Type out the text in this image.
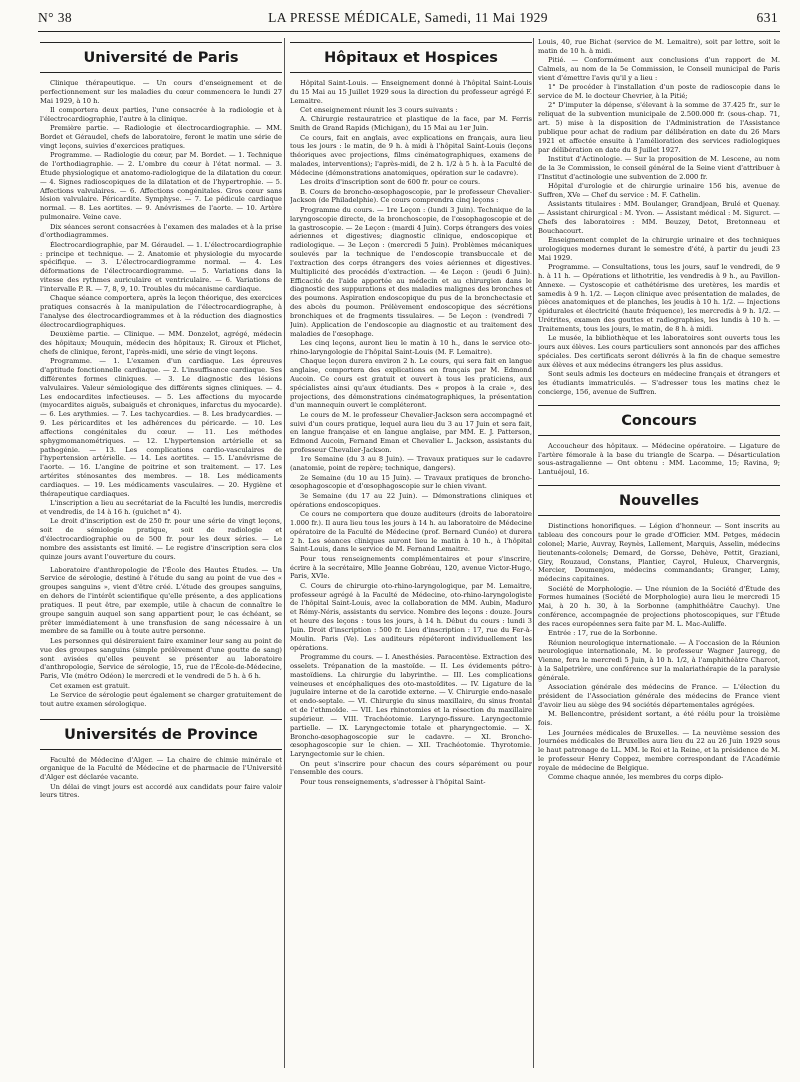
N° 38	LA PRESSE MÉDICALE, Samedi, 11 Mai 1929	631
Université de Paris

Clinique thérapeutique. — Un cours d'enseignement et de perfectionnement sur les maladies du cœur commencera le lundi 27 Mai 1929, à 10 h.

Il comportera deux parties, l'une consacrée à la radiologie et à l'électrocardiographie, l'autre à la clinique.

Première partie. — Radiologie et électrocardiographie. — MM. Bordet et Géraudel, chefs de laboratoire, feront le matin une série de vingt leçons, suivies d'exercices pratiques.

Programme. — Radiologie du cœur, par M. Bordet. — 1. Technique de l'orthodiagraphie. — 2. L'ombre du cœur à l'état normal. — 3. Étude physiologique et anatomo-radiologique de la dilatation du cœur. — 4. Signes radioscopiques de la dilatation et de l'hypertrophie. — 5. Affections valvulaires. — 6. Affections congénitales. Gros cœur sans lésion valvulaire. Péricardite. Symphyse. — 7. Le pédicule cardiaque normal. — 8. Les aortites. — 9. Anévrismes de l'aorte. — 10. Artère pulmonaire. Veine cave.

Dix séances seront consacrées à l'examen des malades et à la prise d'orthodiagrammes.

Électrocardiographie, par M. Géraudel. — 1. L'électrocardiographie : principe et technique. — 2. Anatomie et physiologie du myocarde spécifique. — 3. L'électrocardiogramme normal. — 4. Les déformations de l'électrocardiogramme. — 5. Variations dans la vitesse des rythmes auriculaire et ventriculaire. — 6. Variations de l'intervalle P. R. — 7, 8, 9, 10. Troubles du mécanisme cardiaque.

Chaque séance comportera, après la leçon théorique, des exercices pratiques consacrés à la manipulation de l'électrocardiographe, à l'analyse des électrocardiogrammes et à la réduction des diagnostics électrocardiographiques.

Deuxième partie. — Clinique. — MM. Donzelot, agrégé, médecin des hôpitaux; Mouquin, médecin des hôpitaux; R. Giroux et Plichet, chefs de clinique, feront, l'après-midi, une série de vingt leçons.

Programme. — 1. L'examen d'un cardiaque. Les épreuves d'aptitude fonctionnelle cardiaque. — 2. L'insuffisance cardiaque. Ses différentes formes cliniques. — 3. Le diagnostic des lésions valvulaires. Valeur sémiologique des différents signes cliniques. — 4. Les endocardites infectieuses. — 5. Les affections du myocarde (myocardites aiguës, subaiguës et chroniques, infarctus du myocarde). — 6. Les arythmies. — 7. Les tachycardies. — 8. Les bradycardies. — 9. Les péricardites et les adhérences du péricarde. — 10. Les affections congénitales du cœur. — 11. Les méthodes sphygmomanométriques. — 12. L'hypertension artérielle et sa pathogénie. — 13. Les complications cardio-vasculaires de l'hypertension artérielle. — 14. Les aortites. — 15. L'anévrisme de l'aorte. — 16. L'angine de poitrine et son traitement. — 17. Les artérites sténosantes des membres. — 18. Les médicaments cardiaques. — 19. Les médicaments vasculaires. — 20. Hygiène et thérapeutique cardiaques.

L'inscription a lieu au secrétariat de la Faculté les lundis, mercredis et vendredis, de 14 à 16 h. (guichet n° 4).

Le droit d'inscription est de 250 fr. pour une série de vingt leçons, soit de sémiologie pratique, soit de radiologie et d'électrocardiographie ou de 500 fr. pour les deux séries. — Le nombre des assistants est limité. — Le registre d'inscription sera clos quinze jours avant l'ouverture du cours.

Laboratoire d'anthropologie de l'École des Hautes Études. — Un Service de sérologie, destiné à l'étude du sang au point de vue des « groupes sanguins », vient d'être créé. L'étude des groupes sanguins, en dehors de l'intérêt scientifique qu'elle présente, a des applications pratiques. Il peut être, par exemple, utile à chacun de connaître le groupe sanguin auquel son sang appartient pour, le cas échéant, se prêter immédiatement à une transfusion de sang nécessaire à un membre de sa famille ou à toute autre personne.

Les personnes qui désireraient faire examiner leur sang au point de vue des groupes sanguins (simple prélèvement d'une goutte de sang) sont avisées qu'elles peuvent se présenter au laboratoire d'anthropologie, Service de sérologie, 15, rue de l'École-de-Médecine, Paris, VIe (métro Odéon) le mercredi et le vendredi de 5 h. à 6 h.

Cet examen est gratuit.

Le Service de sérologie peut également se charger gratuitement de tout autre examen sérologique.

Universités de Province

Faculté de Médecine d'Alger. — La chaire de chimie minérale et organique de la Faculté de Médecine et de pharmacie de l'Université d'Alger est déclarée vacante.

Un délai de vingt jours est accordé aux candidats pour faire valoir leurs titres.

Hôpitaux et Hospices

Hôpital Saint-Louis. — Enseignement donné à l'hôpital Saint-Louis du 15 Mai au 15 Juillet 1929 sous la direction du professeur agrégé F. Lemaitre.

Cet enseignement réunit les 3 cours suivants :

A. Chirurgie restauratrice et plastique de la face, par M. Ferris Smith de Grand Rapids (Michigan), du 15 Mai au 1er Juin.

Ce cours, fait en anglais, avec explications en français, aura lieu tous les jours : le matin, de 9 h. à midi à l'hôpital Saint-Louis (leçons théoriques avec projections, films cinématographiques, examens de malades, interventions); l'après-midi, de 2 h. 1/2 à 5 h. à la Faculté de Médecine (démonstrations anatomiques, opération sur le cadavre).

Les droits d'inscription sont de 600 fr. pour ce cours.

B. Cours de broncho-œsophagoscopie, par le professeur Chevalier-Jackson (de Philadelphie). Ce cours comprendra cinq leçons :

Programme du cours. — 1re Leçon : (lundi 3 Juin). Technique de la laryngoscopie directe, de la bronchoscopie, de l'œsophagoscopie et de la gastroscopie. — 2e Leçon : (mardi 4 Juin). Corps étrangers des voies aériennes et digestives; diagnostic clinique, endoscopique et radiologique. — 3e Leçon : (mercredi 5 Juin). Problèmes mécaniques soulevés par la technique de l'endoscopie transbuccale et de l'extraction des corps étrangers des voies aériennes et digestives. Multiplicité des procédés d'extraction. — 4e Leçon : (jeudi 6 Juin). Efficacité de l'aide apportée au médecin et au chirurgien dans le diagnostic des suppurations et des maladies malignes des bronches et des poumons. Aspiration endoscopique du pus de la bronchectasie et des abcès du poumon. Prélèvement endoscopique des sécrétions bronchiques et de fragments tissulaires. — 5e Leçon : (vendredi 7 Juin). Application de l'endoscopie au diagnostic et au traitement des maladies de l'œsophage.

Les cinq leçons, auront lieu le matin à 10 h., dans le service oto-rhino-laryngologie de l'hôpital Saint-Louis (M. F. Lemaitre).

Chaque leçon durera environ 2 h. Le cours, qui sera fait en langue anglaise, comportera des explications en français par M. Edmond Aucoin. Ce cours est gratuit et ouvert à tous les praticiens, aux spécialistes ainsi qu'aux étudiants. Des « propos à la craie », des projections, des démonstrations cinématographiques, la présentation d'un mannequin ouvert le compléteront.

Le cours de M. le professeur Chevalier-Jackson sera accompagné et suivi d'un cours pratique, lequel aura lieu du 3 au 17 Juin et sera fait, en langue française et en langue anglaise, par MM. E. J. Patterson, Edmond Aucoin, Fernand Eman et Chevalier L. Jackson, assistants du professeur Chevalier-Jackson.

1re Semaine (du 3 au 8 Juin). — Travaux pratiques sur le cadavre (anatomie, point de repère; technique, dangers).

2e Semaine (du 10 au 15 Juin). — Travaux pratiques de broncho-œsophagoscopie et d'œsophagoscopie sur le chien vivant.

3e Semaine (du 17 au 22 Juin). — Démonstrations cliniques et opérations endoscopiques.

Ce cours ne comportera que douze auditeurs (droits de laboratoire 1.000 fr.). Il aura lieu tous les jours à 14 h. au laboratoire de Médecine opératoire de la Faculté de Médecine (prof. Bernard Cunéo) et durera 2 h. Les séances cliniques auront lieu le matin à 10 h., à l'hôpital Saint-Louis, dans le service de M. Fernand Lemaitre.

Pour tous renseignements complémentaires et pour s'inscrire, écrire à la secrétaire, Mlle Jeanne Gobréau, 120, avenue Victor-Hugo, Paris, XVIe.

C. Cours de chirurgie oto-rhino-laryngologique, par M. Lemaitre, professeur agrégé à la Faculté de Médecine, oto-rhino-laryngologiste de l'hôpital Saint-Louis, avec la collaboration de MM. Aubin, Maduro et Rémy-Néris, assistants du service. Nombre des leçons : douze. Jours et heure des leçons : tous les jours, à 14 h. Début du cours : lundi 3 Juin. Droit d'inscription : 500 fr. Lieu d'inscription : 17, rue du Fer-à-Moulin. Paris (Ve). Les auditeurs répéteront individuellement les opérations.

Programme du cours. — I. Anesthésies. Paracentèse. Extraction des osselets. Trépanation de la mastoïde. — II. Les évidements pétro-mastoïdiens. La chirurgie du labyrinthe. — III. Les complications veineuses et encéphaliques des oto-mastoïdites. — IV. Ligature de la jugulaire interne et de la carotide externe. — V. Chirurgie endo-nasale et endo-septale. — VI. Chirurgie du sinus maxillaire, du sinus frontal et de l'ethmoïde. — VII. Les rhinotomies et la résection du maxillaire supérieur. — VIII. Trachéotomie. Laryngo-fissure. Laryngectomie partielle. — IX. Laryngectomie totale et pharyngectomie. — X. Broncho-œsophagoscopie sur le cadavre. — XI. Broncho-œsophagoscopie sur le chien. — XII. Trachéotomie. Thyrotomie. Laryngectomie sur le chien.

On peut s'inscrire pour chacun des cours séparément ou pour l'ensemble des cours.

Pour tous renseignements, s'adresser à l'hôpital Saint-

Louis, 40, rue Bichat (service de M. Lemaitre), soit par lettre, soit le matin de 10 h. à midi.

Pitié. — Conformément aux conclusions d'un rapport de M. Calmels, au nom de la 5e Commission, le Conseil municipal de Paris vient d'émettre l'avis qu'il y a lieu :

1° De procéder à l'installation d'un poste de radioscopie dans le service de M. le docteur Chevrier, à la Pitié;

2° D'imputer la dépense, s'élevant à la somme de 37.425 fr., sur le reliquat de la subvention municipale de 2.500.000 fr. (sous-chap. 71, art. 5) mise à la disposition de l'Administration de l'Assistance publique pour achat de radium par délibération en date du 26 Mars 1921 et affectée ensuite à l'amélioration des services radiologiques par délibération en date du 8 Juillet 1927.

Institut d'Actinologie. — Sur la proposition de M. Lescene, au nom de la 3e Commission, le conseil général de la Seine vient d'attribuer à l'Institut d'actinologie une subvention de 2.000 fr.

Hôpital d'urologie et de chirurgie urinaire 156 bis, avenue de Suffren, XVe — Chef du service : M. F. Cathelin.

Assistants titulaires : MM. Boulanger, Grandjean, Brulé et Quenay. — Assistant chirurgical : M. Yvon. — Assistant médical : M. Sigurct. — Chefs des laboratoires : MM. Beuzey, Detot, Bretonneau et Bouchacourt.

Enseignement complet de la chirurgie urinaire et des techniques urologiques modernes durant le semestre d'été, à partir du jeudi 23 Mai 1929.

Programme. — Consultations, tous les jours, sauf le vendredi, de 9 h. à 11 h. — Opérations et lithotritie, les vendredis à 9 h., au Pavillon-Annexe. — Cystoscopie et cathétérisme des uretères, les mardis et samedis à 9 h. 1/2. — Leçon clinique avec présentation de malades, de pièces anatomiques et de planches, les jeudis à 10 h. 1/2. — Injections épidurales et électricité (haute fréquence), les mercredis à 9 h. 1/2. — Urétrites, examen des gouttes et radiographies, les lundis à 10 h. — Traitements, tous les jours, le matin, de 8 h. à midi.

Le musée, la bibliothèque et les laboratoires sont ouverts tous les jours aux élèves. Les cours particuliers sont annoncés par des affiches spéciales. Des certificats seront délivrés à la fin de chaque semestre aux élèves et aux médecins étrangers les plus assidus.

Sont seuls admis les docteurs en médecine français et étrangers et les étudiants immatriculés. — S'adresser tous les matins chez le concierge, 156, avenue de Suffren.

Concours

Accoucheur des hôpitaux. — Médecine opératoire. — Ligature de l'artère fémorale à la base du triangle de Scarpa. — Désarticulation sous-astragalienne — Ont obtenu : MM. Lacomme, 15; Ravina, 9; Lantuéjoul, 16.

Nouvelles

Distinctions honorifiques. — Légion d'honneur. — Sont inscrits au tableau des concours pour le grade d'Officier. MM. Petges, médecin colonel; Marie, Auvray, Reynès, Lallement, Marquis, Asselin, médecins lieutenants-colonels; Demard, de Gorsse, Dehève, Pettit, Graziani, Giry, Rouzaud, Constans, Plantier, Cayrol, Huleux, Charvergnis, Mercier, Doumenjou, médecins commandants; Granger, Lamy, médecins capitaines.

Société de Morphologie. — Une réunion de la Société d'Étude des Formes humaines (Société de Morphologie) aura lieu le mercredi 15 Mai, à 20 h. 30, à la Sorbonne (amphithéâtre Cauchy). Une conférence, accompagnée de projections photoscopiques, sur l'Étude des races européennes sera faite par M. L. Mac-Auliffe.

Entrée : 17, rue de la Sorbonne.

Réunion neurologique internationale. — À l'occasion de la Réunion neurologique internationale, M. le professeur Wagner Jauregg, de Vienne, fera le mercredi 5 Juin, à 10 h. 1/2, à l'amphithéâtre Charcot, à la Salpetrière, une conférence sur la malariathérapie de la paralysie générale.

Association générale des médecins de France. — L'élection du président de l'Association générale des médecins de France vient d'avoir lieu au siège des 94 sociétés départementales agrégées.

M. Bellencontre, président sortant, a été réélu pour la troisième fois.

Les Journées médicales de Bruxelles. — La neuvième session des Journées médicales de Bruxelles aura lieu du 22 au 26 Juin 1929 sous le haut patronage de LL. MM. le Roi et la Reine, et la présidence de M. le professeur Henry Coppez, membre correspondant de l'Académie royale de médecine de Belgique.

Comme chaque année, les membres du corps diplo-
